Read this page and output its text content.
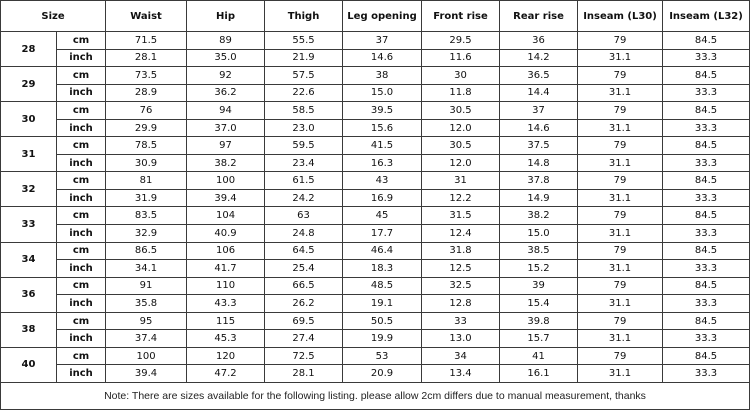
Size		Waist	Hip	Thigh	Leg opening	Front rise	Rear rise	Inseam (L30)	Inseam (L32)
28	cm	71.5	89	55.5	37	29.5	36	79	84.5
	inch	28.1	35.0	21.9	14.6	11.6	14.2	31.1	33.3
29	cm	73.5	92	57.5	38	30	36.5	79	84.5
	inch	28.9	36.2	22.6	15.0	11.8	14.4	31.1	33.3
30	cm	76	94	58.5	39.5	30.5	37	79	84.5
	inch	29.9	37.0	23.0	15.6	12.0	14.6	31.1	33.3
31	cm	78.5	97	59.5	41.5	30.5	37.5	79	84.5
	inch	30.9	38.2	23.4	16.3	12.0	14.8	31.1	33.3
32	cm	81	100	61.5	43	31	37.8	79	84.5
	inch	31.9	39.4	24.2	16.9	12.2	14.9	31.1	33.3
33	cm	83.5	104	63	45	31.5	38.2	79	84.5
	inch	32.9	40.9	24.8	17.7	12.4	15.0	31.1	33.3
34	cm	86.5	106	64.5	46.4	31.8	38.5	79	84.5
	inch	34.1	41.7	25.4	18.3	12.5	15.2	31.1	33.3
36	cm	91	110	66.5	48.5	32.5	39	79	84.5
	inch	35.8	43.3	26.2	19.1	12.8	15.4	31.1	33.3
38	cm	95	115	69.5	50.5	33	39.8	79	84.5
	inch	37.4	45.3	27.4	19.9	13.0	15.7	31.1	33.3
40	cm	100	120	72.5	53	34	41	79	84.5
	inch	39.4	47.2	28.1	20.9	13.4	16.1	31.1	33.3
Note: There are sizes available for the following listing. please allow 2cm differs due to manual measurement, thanks									
